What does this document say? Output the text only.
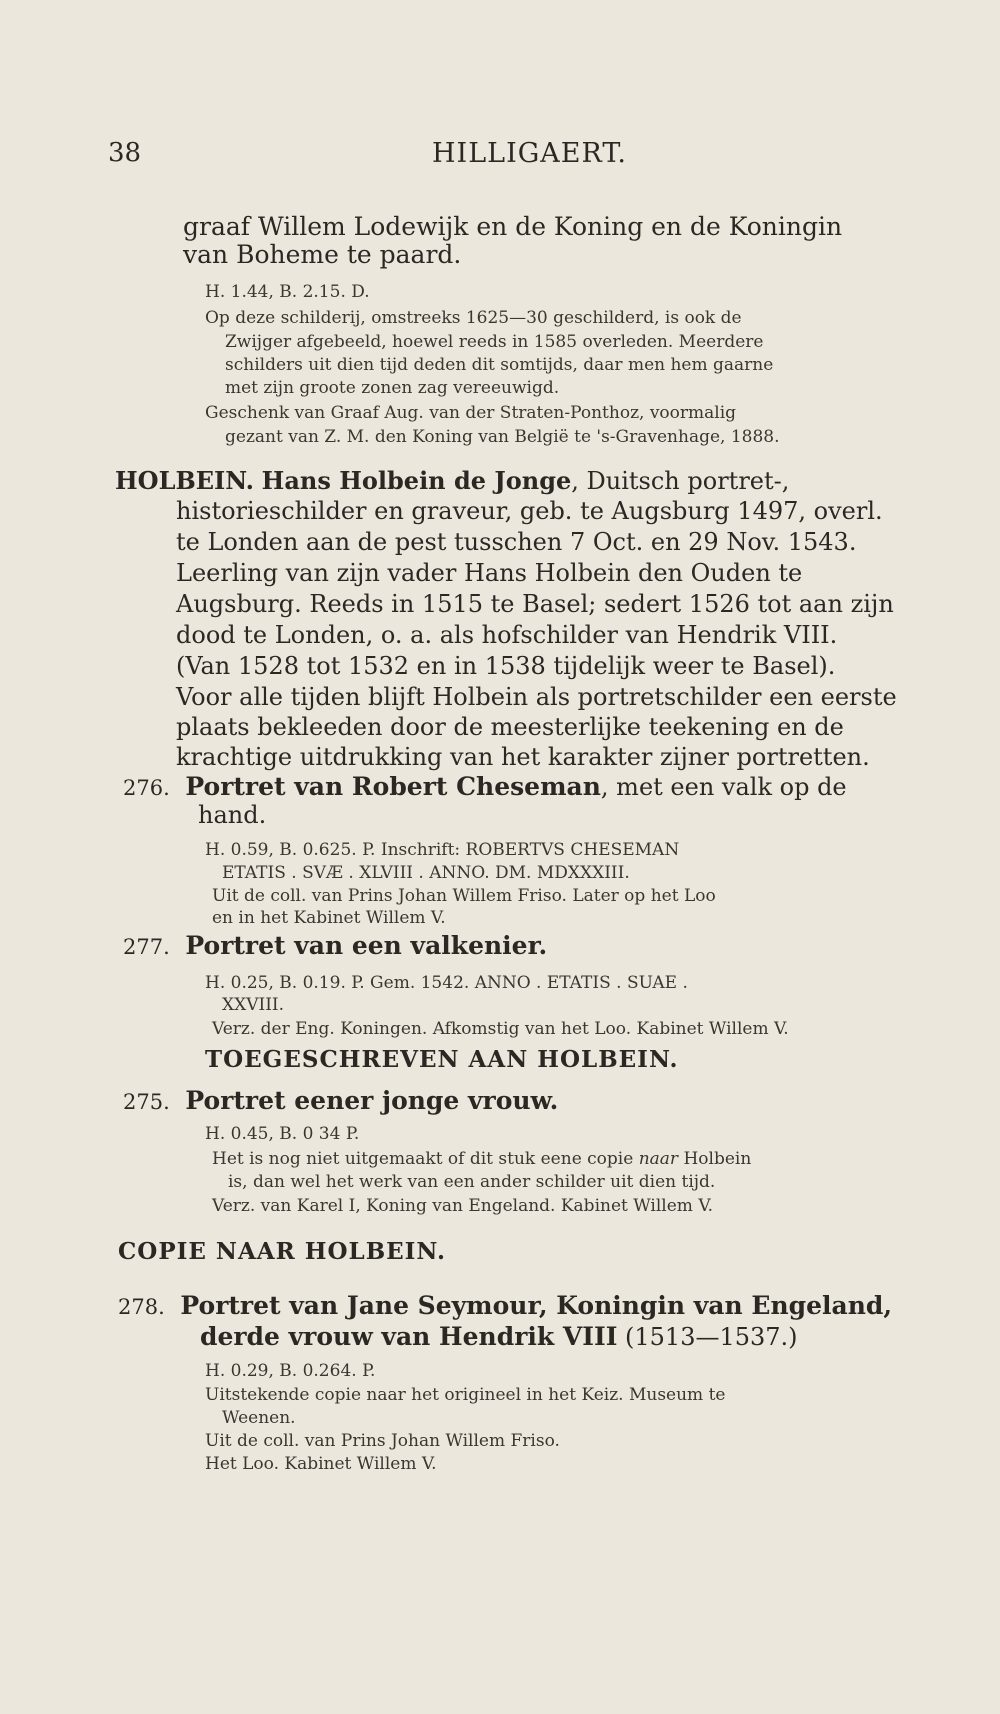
38	HILLIGAERT.
graaf Willem Lodewijk en de Koning en de Koningin
van Boheme te paard.
H. 1.44, B. 2.15. D.
Op deze schilderij, omstreeks 1625—30 geschilderd, is ook de
Zwijger afgebeeld, hoewel reeds in 1585 overleden. Meerdere
schilders uit dien tijd deden dit somtijds, daar men hem gaarne
met zijn groote zonen zag vereeuwigd.
Geschenk van Graaf Aug. van der Straten-Ponthoz, voormalig
gezant van Z. M. den Koning van België te 's-Gravenhage, 1888.
HOLBEIN. Hans Holbein de Jonge, Duitsch portret-,
historieschilder en graveur, geb. te Augsburg 1497, overl.
te Londen aan de pest tusschen 7 Oct. en 29 Nov. 1543.
Leerling van zijn vader Hans Holbein den Ouden te
Augsburg. Reeds in 1515 te Basel; sedert 1526 tot aan zijn
dood te Londen, o. a. als hofschilder van Hendrik VIII.
(Van 1528 tot 1532 en in 1538 tijdelijk weer te Basel).
Voor alle tijden blijft Holbein als portretschilder een eerste
plaats bekleeden door de meesterlijke teekening en de
krachtige uitdrukking van het karakter zijner portretten.
276. Portret van Robert Cheseman, met een valk op de
hand.
H. 0.59, B. 0.625. P. Inschrift: ROBERTVS CHESEMAN
ETATIS . SVÆ . XLVIII . ANNO. DM. MDXXXIII.
Uit de coll. van Prins Johan Willem Friso. Later op het Loo
en in het Kabinet Willem V.
277. Portret van een valkenier.
H. 0.25, B. 0.19. P. Gem. 1542. ANNO . ETATIS . SUAE .
XXVIII.
Verz. der Eng. Koningen. Afkomstig van het Loo. Kabinet Willem V.
TOEGESCHREVEN AAN HOLBEIN.
275. Portret eener jonge vrouw.
H. 0.45, B. 0 34 P.
Het is nog niet uitgemaakt of dit stuk eene copie naar Holbein
is, dan wel het werk van een ander schilder uit dien tijd.
Verz. van Karel I, Koning van Engeland. Kabinet Willem V.
COPIE NAAR HOLBEIN.
278. Portret van Jane Seymour, Koningin van Engeland,
derde vrouw van Hendrik VIII (1513—1537.)
H. 0.29, B. 0.264. P.
Uitstekende copie naar het origineel in het Keiz. Museum te
Weenen.
Uit de coll. van Prins Johan Willem Friso.
Het Loo. Kabinet Willem V.
